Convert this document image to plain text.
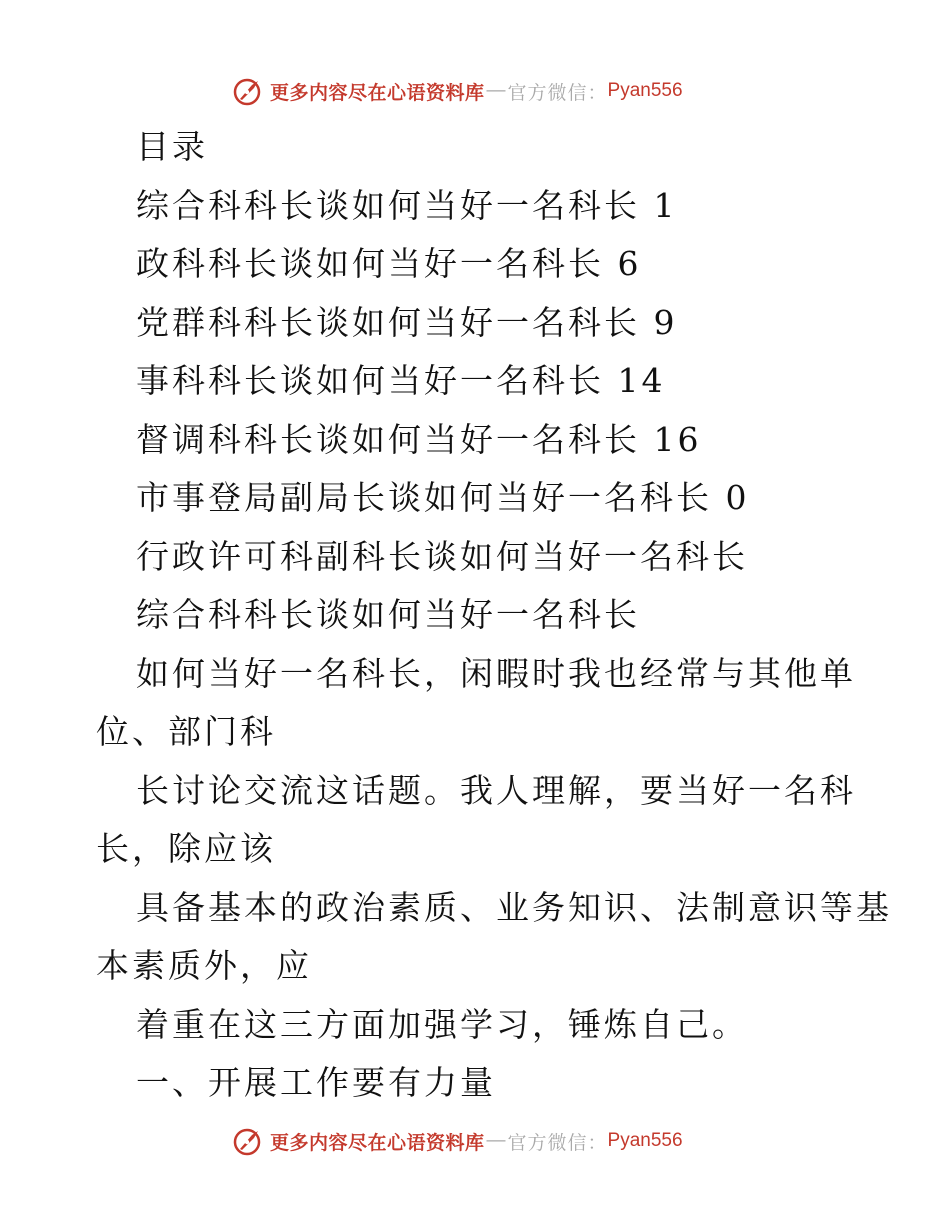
更多内容尽在心语资料库 — 官方微信： Pyan556
目录
综合科科长谈如何当好一名科长 1
政科科长谈如何当好一名科长 6
党群科科长谈如何当好一名科长 9
事科科长谈如何当好一名科长 14
督调科科长谈如何当好一名科长 16
市事登局副局长谈如何当好一名科长 0
行政许可科副科长谈如何当好一名科长
综合科科长谈如何当好一名科长
如何当好一名科长，闲暇时我也经常与其他单
位、部门科
长讨论交流这话题。我人理解，要当好一名科
长，除应该
具备基本的政治素质、业务知识、法制意识等基
本素质外，应
着重在这三方面加强学习，锤炼自己。
一、开展工作要有力量
更多内容尽在心语资料库 — 官方微信： Pyan556
